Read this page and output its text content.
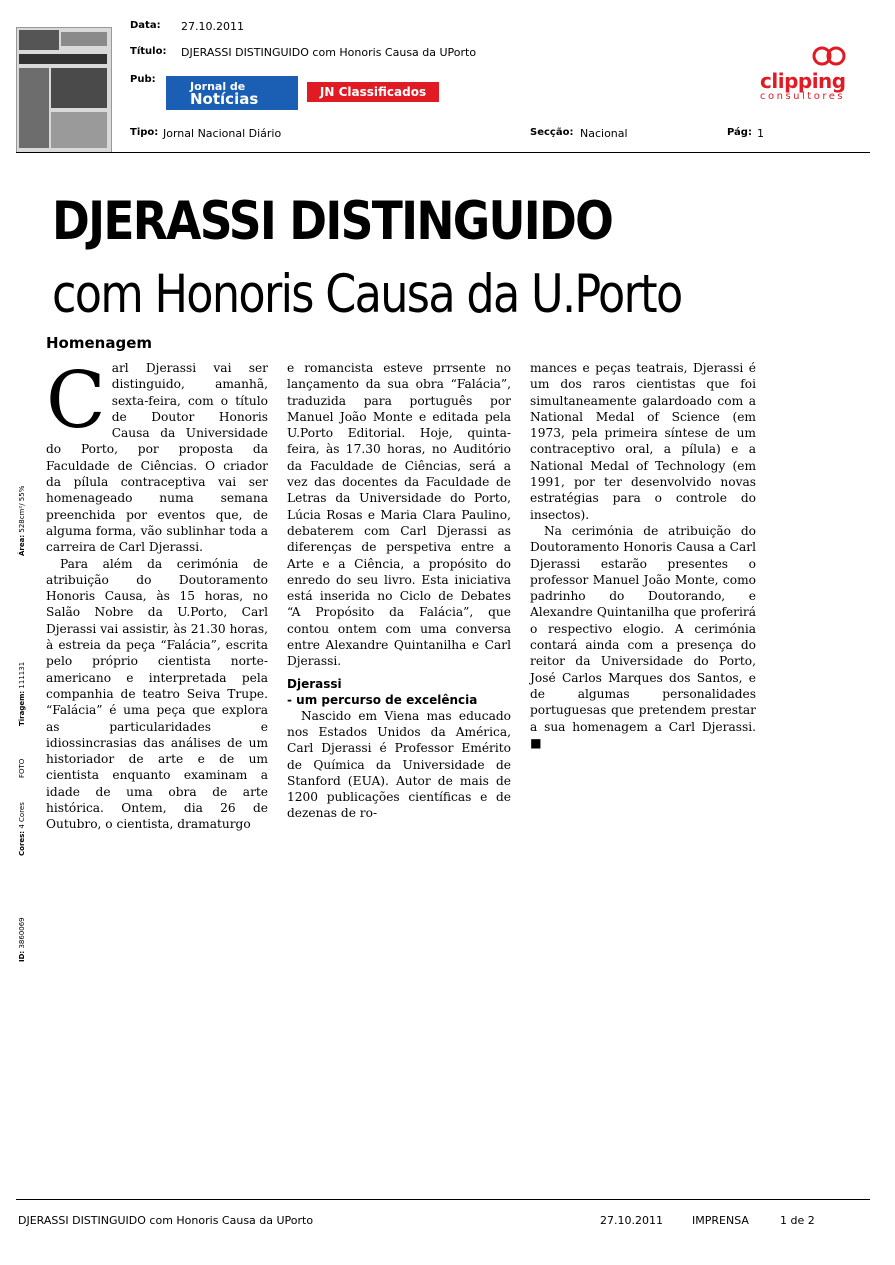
Data: 27.10.2011
Título: DJERASSI DISTINGUIDO com Honoris Causa da UPorto
Pub:
Jornal de
Notícias	JN Classificados	clipping
consultores
Tipo: Jornal Nacional Diário	Secção: Nacional	Pág: 1
Área: 528cm²/ 55%
Tiragem: 111131
FOTO
Cores: 4 Cores
ID: 3860069
DJERASSI DISTINGUIDO
com Honoris Causa da U.Porto
Homenagem

Carl Djerassi vai ser distinguido, amanhã, sexta-feira, com o título de Doutor Honoris Causa da Universidade do Porto, por proposta da Faculdade de Ciências. O criador da pílula contraceptiva vai ser homenageado numa semana preenchida por eventos que, de alguma forma, vão sublinhar toda a carreira de Carl Djerassi.

Para além da cerimónia de atribuição do Doutoramento Honoris Causa, às 15 horas, no Salão Nobre da U.Porto, Carl Djerassi vai assistir, às 21.30 horas, à estreia da peça “Falácia”, escrita pelo próprio cientista norte-americano e interpretada pela companhia de teatro Seiva Trupe. “Falácia” é uma peça que explora as particularidades e idiossincrasias das análises de um historiador de arte e de um cientista enquanto examinam a idade de uma obra de arte histórica. Ontem, dia 26 de Outubro, o cientista, dramaturgo

e romancista esteve prrsente no lançamento da sua obra “Falácia”, traduzida para português por Manuel João Monte e editada pela U.Porto Editorial. Hoje, quinta-feira, às 17.30 horas, no Auditório da Faculdade de Ciências, será a vez das docentes da Faculdade de Letras da Universidade do Porto, Lúcia Rosas e Maria Clara Paulino, debaterem com Carl Djerassi as diferenças de perspetiva entre a Arte e a Ciência, a propósito do enredo do seu livro. Esta iniciativa está inserida no Ciclo de Debates “A Propósito da Falácia”, que contou ontem com uma conversa entre Alexandre Quintanilha e Carl Djerassi.

Djerassi
- um percurso de excelência

Nascido em Viena mas educado nos Estados Unidos da América, Carl Djerassi é Professor Emérito de Química da Universidade de Stanford (EUA). Autor de mais de 1200 publicações científicas e de dezenas de ro-

mances e peças teatrais, Djerassi é um dos raros cientistas que foi simultaneamente galardoado com a National Medal of Science (em 1973, pela primeira síntese de um contraceptivo oral, a pílula) e a National Medal of Technology (em 1991, por ter desenvolvido novas estratégias para o controle do insectos).

Na cerimónia de atribuição do Doutoramento Honoris Causa a Carl Djerassi estarão presentes o professor Manuel João Monte, como padrinho do Doutorando, e Alexandre Quintanilha que proferirá o respectivo elogio. A cerimónia contará ainda com a presença do reitor da Universidade do Porto, José Carlos Marques dos Santos, e de algumas personalidades portuguesas que pretendem prestar a sua homenagem a Carl Djerassi. ■

DJERASSI DISTINGUIDO com Honoris Causa da UPorto	27.10.2011	IMPRENSA	1 de 2
